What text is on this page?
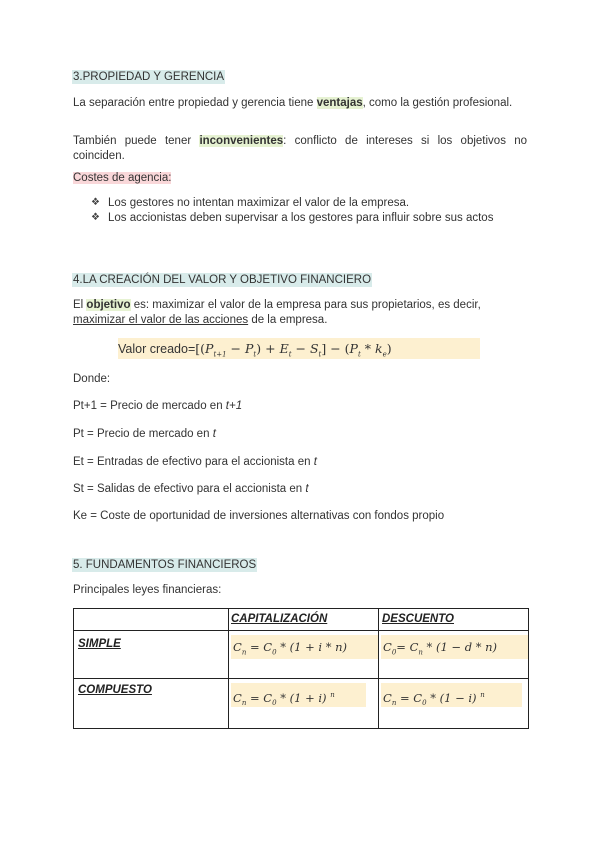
3.PROPIEDAD Y GERENCIA
La separación entre propiedad y gerencia tiene ventajas, como la gestión profesional.
También puede tener inconvenientes: conflicto de intereses si los objetivos no coinciden.
Costes de agencia:
❖ Los gestores no intentan maximizar el valor de la empresa.
❖ Los accionistas deben supervisar a los gestores para influir sobre sus actos
4.LA CREACIÓN DEL VALOR Y OBJETIVO FINANCIERO
El objetivo es: maximizar el valor de la empresa para sus propietarios, es decir,
maximizar el valor de las acciones de la empresa.
Valor $creado=[(P_{t+1} - P_t) + E_t - S_t] - (P_t * k_e)$
Donde:
Pt+1 = Precio de mercado en t+1
Pt = Precio de mercado en t
Et = Entradas de efectivo para el accionista en t
St = Salidas de efectivo para el accionista en t
Ke = Coste de oportunidad de inversiones alternativas con fondos propio
5. FUNDAMENTOS FINANCIEROS
Principales leyes financieras:

	CAPITALIZACIÓN	DESCUENTO

SIMPLE	$C_n = C_0 * (1 + i * n)$	$C_0= C_n * (1 - d * n)$

COMPUESTO	$C_n = C_0 * (1 + i)$ $^n$	$C_n = C_0 * (1 - i)$ $^n$
